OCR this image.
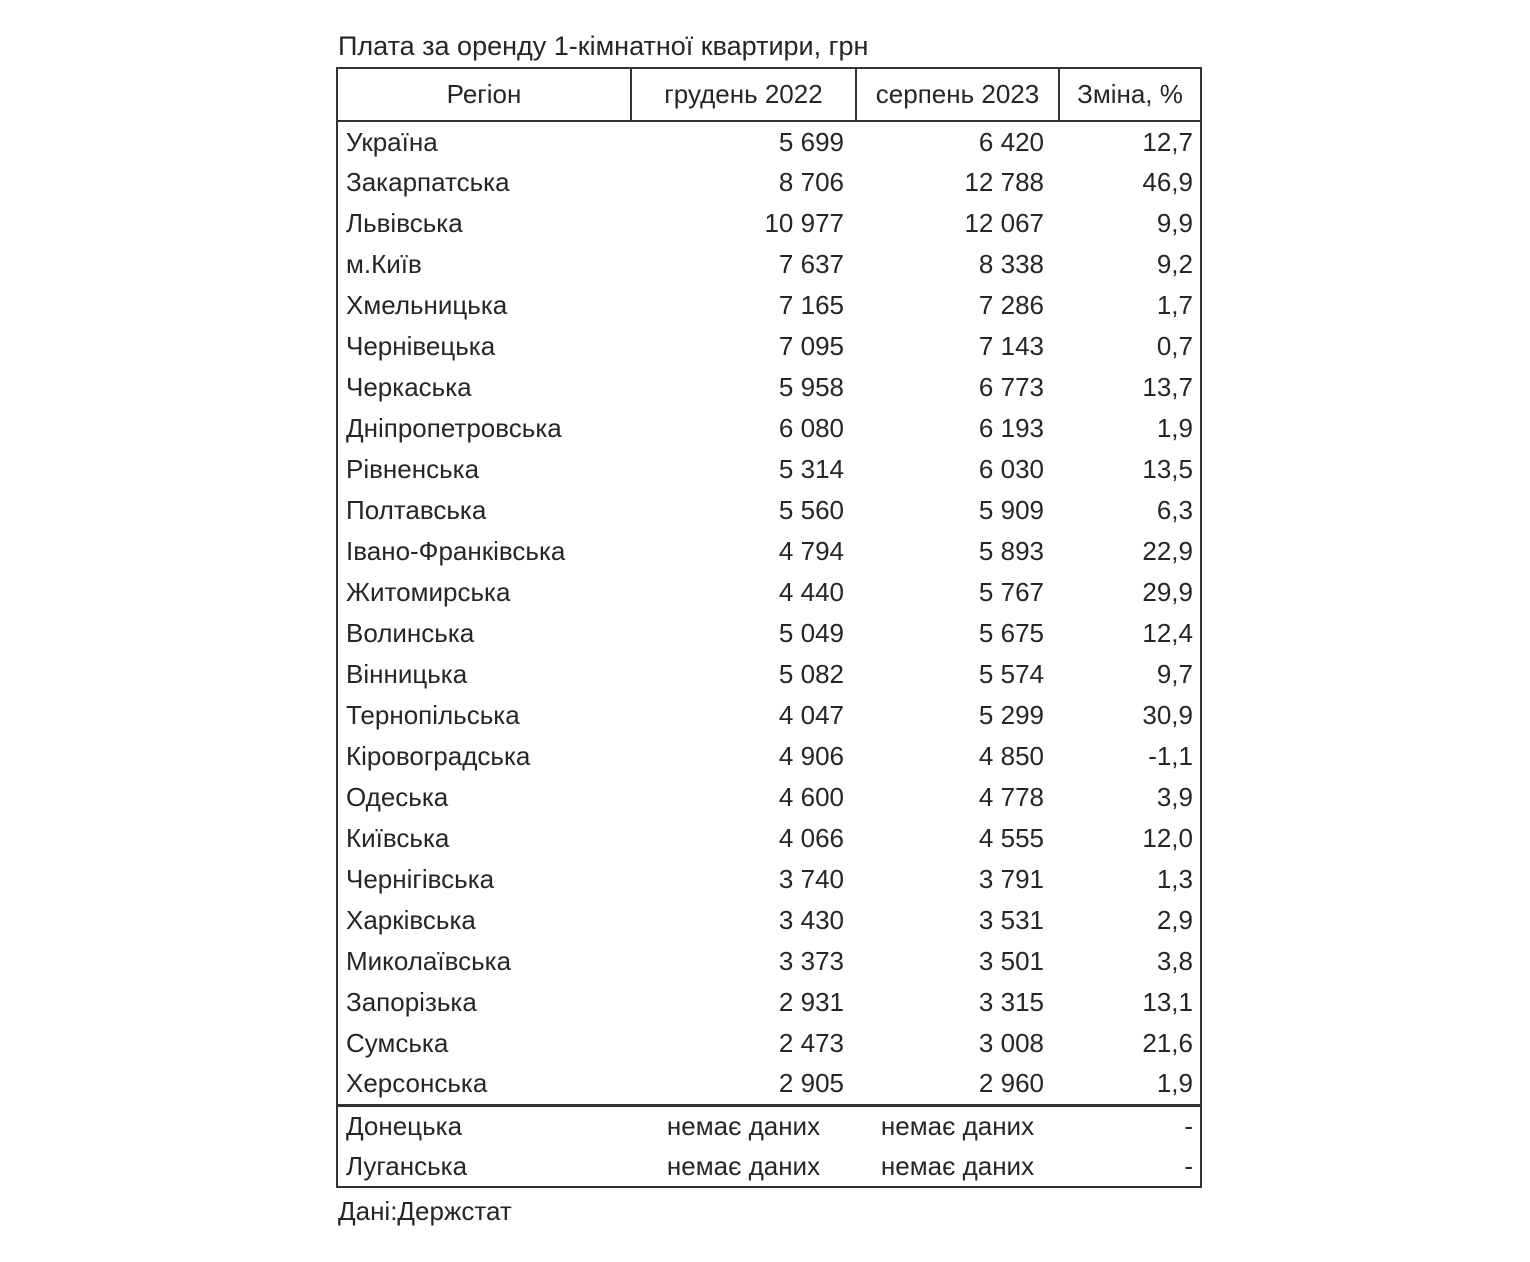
Плата за оренду 1-кімнатної квартири, грн
Регіон	грудень 2022	серпень 2023	Зміна, %
Україна	5 699	6 420	12,7
Закарпатська	8 706	12 788	46,9
Львівська	10 977	12 067	9,9
м.Київ	7 637	8 338	9,2
Хмельницька	7 165	7 286	1,7
Чернівецька	7 095	7 143	0,7
Черкаська	5 958	6 773	13,7
Дніпропетровська	6 080	6 193	1,9
Рівненська	5 314	6 030	13,5
Полтавська	5 560	5 909	6,3
Івано-Франківська	4 794	5 893	22,9
Житомирська	4 440	5 767	29,9
Волинська	5 049	5 675	12,4
Вінницька	5 082	5 574	9,7
Тернопільська	4 047	5 299	30,9
Кіровоградська	4 906	4 850	-1,1
Одеська	4 600	4 778	3,9
Київська	4 066	4 555	12,0
Чернігівська	3 740	3 791	1,3
Харківська	3 430	3 531	2,9
Миколаївська	3 373	3 501	3,8
Запорізька	2 931	3 315	13,1
Сумська	2 473	3 008	21,6
Херсонська	2 905	2 960	1,9
Донецька	немає даних	немає даних	-
Луганська	немає даних	немає даних	-
Дані:Держстат
